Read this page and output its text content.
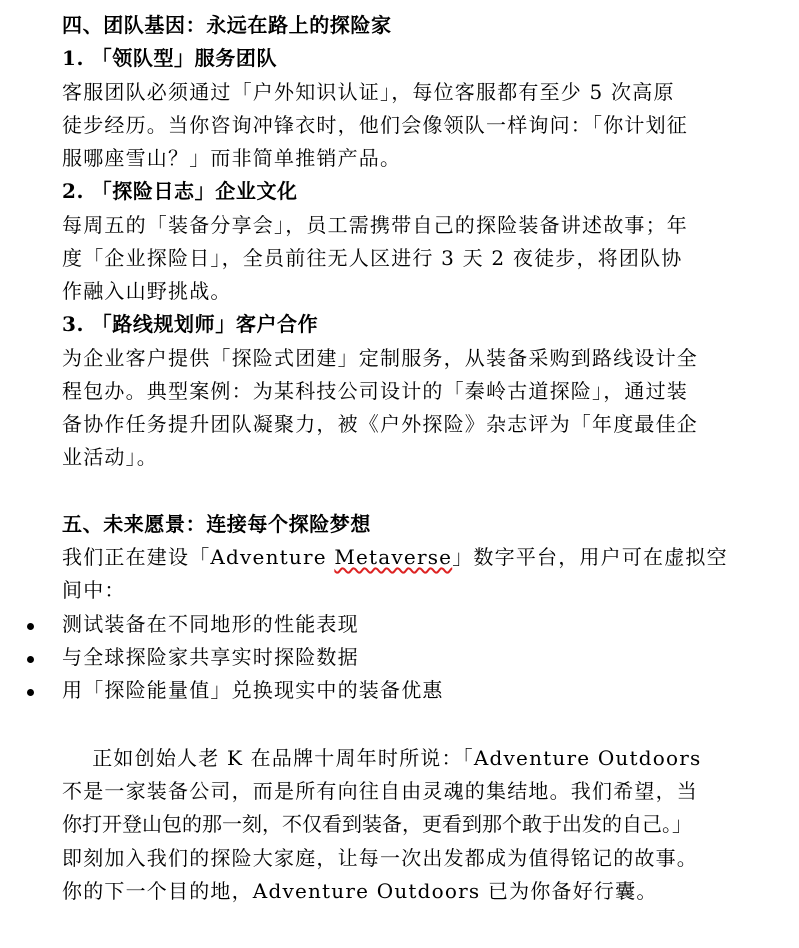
四、团队基因：永远在路上的探险家
1. 「领队型」服务团队
客服团队必须通过「户外知识认证」，每位客服都有至少 5 次高原
徒步经历。当你咨询冲锋衣时，他们会像领队一样询问：「你计划征
服哪座雪山？」而非简单推销产品。
2. 「探险日志」企业文化
每周五的「装备分享会」，员工需携带自己的探险装备讲述故事；年
度「企业探险日」，全员前往无人区进行 3 天 2 夜徒步，将团队协
作融入山野挑战。
3. 「路线规划师」客户合作
为企业客户提供「探险式团建」定制服务，从装备采购到路线设计全
程包办。典型案例：为某科技公司设计的「秦岭古道探险」，通过装
备协作任务提升团队凝聚力，被《户外探险》杂志评为「年度最佳企
业活动」。
五、未来愿景：连接每个探险梦想
我们正在建设「Adventure Metaverse」数字平台，用户可在虚拟空
间中：
测试装备在不同地形的性能表现
与全球探险家共享实时探险数据
用「探险能量值」兑换现实中的装备优惠
正如创始人老 K 在品牌十周年时所说：「Adventure Outdoors
不是一家装备公司，而是所有向往自由灵魂的集结地。我们希望，当
你打开登山包的那一刻，不仅看到装备，更看到那个敢于出发的自己。」
即刻加入我们的探险大家庭，让每一次出发都成为值得铭记的故事。
你的下一个目的地，Adventure Outdoors 已为你备好行囊。
